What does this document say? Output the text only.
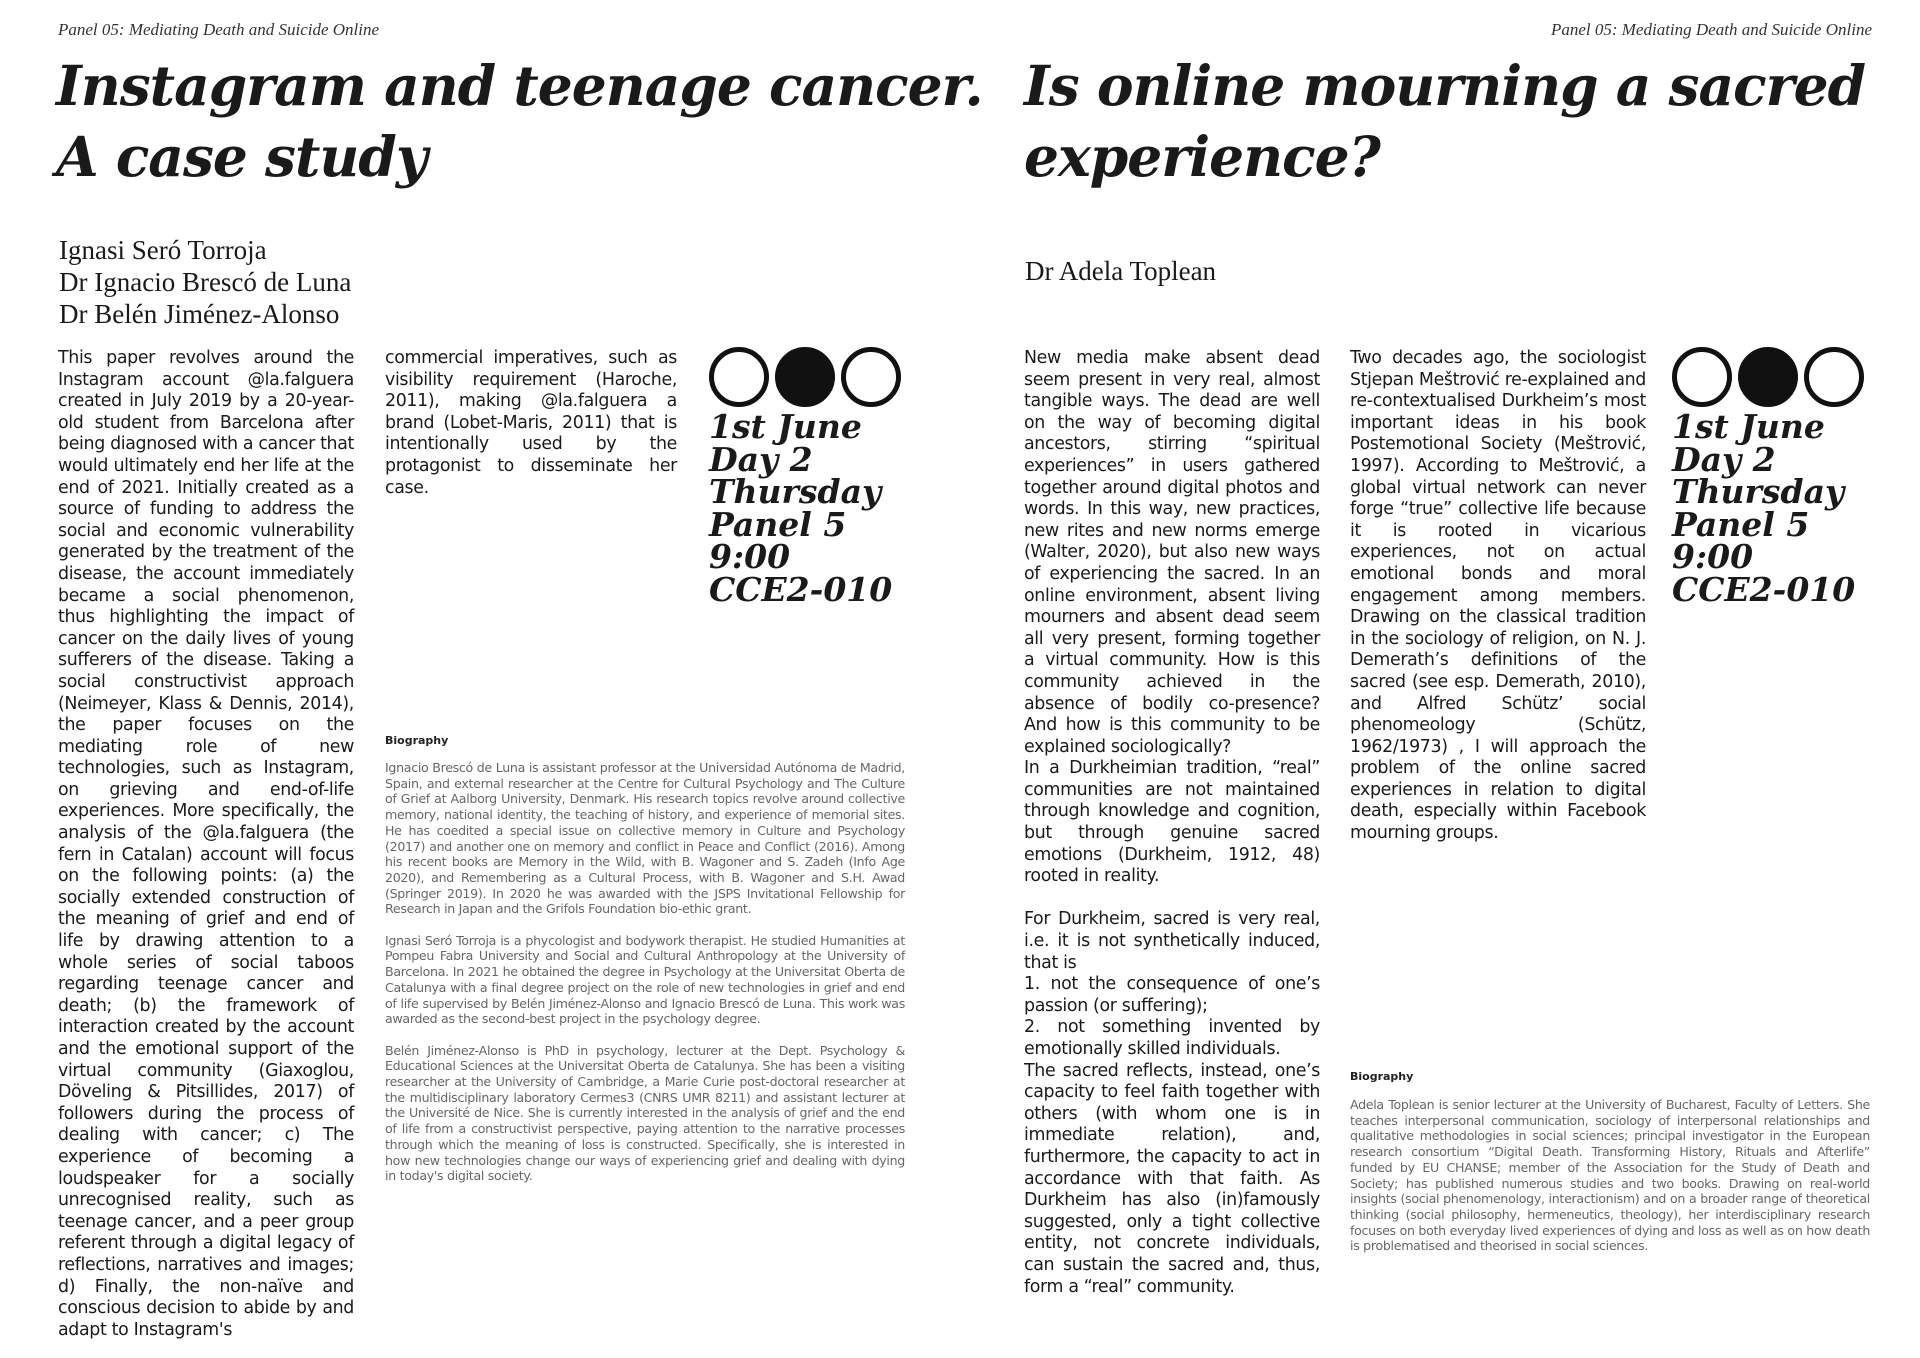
Panel 05: Mediating Death and Suicide Online
Instagram and teenage cancer.
A case study
Ignasi Seró Torroja
Dr Ignacio Brescó de Luna
Dr Belén Jiménez-Alonso

This paper revolves around the Instagram account @la.falguera created in July 2019 by a 20-year-old student from Barcelona after being diagnosed with a cancer that would ultimately end her life at the end of 2021. Initially created as a source of funding to address the social and economic vulnerability generated by the treatment of the disease, the account immediately became a social phenomenon, thus highlighting the impact of cancer on the daily lives of young sufferers of the disease. Taking a social constructivist approach (Neimeyer, Klass & Dennis, 2014), the paper focuses on the mediating role of new technologies, such as Instagram, on grieving and end-of-life experiences. More specifically, the analysis of the @la.falguera (the fern in Catalan) account will focus on the following points: (a) the socially extended construction of the meaning of grief and end of life by drawing attention to a whole series of social taboos regarding teenage cancer and death; (b) the framework of interaction created by the account and the emotional support of the virtual community (Giaxoglou, Döveling & Pitsillides, 2017) of followers during the process of dealing with cancer; c) The experience of becoming a loudspeaker for a socially unrecognised reality, such as teenage cancer, and a peer group referent through a digital legacy of reflections, narratives and images; d) Finally, the non-naïve and conscious decision to abide by and adapt to Instagram's

commercial imperatives, such as visibility requirement (Haroche, 2011), making @la.falguera a brand (Lobet-Maris, 2011) that is intentionally used by the protagonist to disseminate her case.

1st June
Day 2
Thursday
Panel 5
9:00
CCE2-010
Biography

Ignacio Brescó de Luna is assistant professor at the Universidad Autónoma de Madrid, Spain, and external researcher at the Centre for Cultural Psychology and The Culture of Grief at Aalborg University, Denmark. His research topics revolve around collective memory, national identity, the teaching of history, and experience of memorial sites. He has coedited a special issue on collective memory in Culture and Psychology (2017) and another one on memory and conflict in Peace and Conflict (2016). Among his recent books are Memory in the Wild, with B. Wagoner and S. Zadeh (Info Age 2020), and Remembering as a Cultural Process, with B. Wagoner and S.H. Awad (Springer 2019). In 2020 he was awarded with the JSPS Invitational Fellowship for Research in Japan and the Grifols Foundation bio-ethic grant.

Ignasi Seró Torroja is a phycologist and bodywork therapist. He studied Humanities at Pompeu Fabra University and Social and Cultural Anthropology at the University of Barcelona. In 2021 he obtained the degree in Psychology at the Universitat Oberta de Catalunya with a final degree project on the role of new technologies in grief and end of life supervised by Belén Jiménez-Alonso and Ignacio Brescó de Luna. This work was awarded as the second-best project in the psychology degree.

Belén Jiménez-Alonso is PhD in psychology, lecturer at the Dept. Psychology & Educational Sciences at the Universitat Oberta de Catalunya. She has been a visiting researcher at the University of Cambridge, a Marie Curie post-doctoral researcher at the multidisciplinary laboratory Cermes3 (CNRS UMR 8211) and assistant lecturer at the Université de Nice. She is currently interested in the analysis of grief and the end of life from a constructivist perspective, paying attention to the narrative processes through which the meaning of loss is constructed. Specifically, she is interested in how new technologies change our ways of experiencing grief and dealing with dying in today's digital society.

Panel 05: Mediating Death and Suicide Online
Is online mourning a sacred
experience?
Dr Adela Toplean

New media make absent dead seem present in very real, almost tangible ways. The dead are well on the way of becoming digital ancestors, stirring “spiritual experiences” in users gathered together around digital photos and words. In this way, new practices, new rites and new norms emerge (Walter, 2020), but also new ways of experiencing the sacred. In an online environment, absent living mourners and absent dead seem all very present, forming together a virtual community. How is this community achieved in the absence of bodily co-presence? And how is this community to be explained sociologically?

In a Durkheimian tradition, “real” communities are not maintained through knowledge and cognition, but through genuine sacred emotions (Durkheim, 1912, 48) rooted in reality.

For Durkheim, sacred is very real, i.e. it is not synthetically induced, that is

1. not the consequence of one’s passion (or suffering);

2. not something invented by emotionally skilled individuals.

The sacred reflects, instead, one’s capacity to feel faith together with others (with whom one is in immediate relation), and, furthermore, the capacity to act in accordance with that faith. As Durkheim has also (in)famously suggested, only a tight collective entity, not concrete individuals, can sustain the sacred and, thus, form a “real” community.

Two decades ago, the sociologist Stjepan Meštrović re-explained and re-contextualised Durkheim’s most important ideas in his book Postemotional Society (Meštrović, 1997). According to Meštrović, a global virtual network can never forge “true” collective life because it is rooted in vicarious experiences, not on actual emotional bonds and moral engagement among members. Drawing on the classical tradition in the sociology of religion, on N. J. Demerath’s definitions of the sacred (see esp. Demerath, 2010), and Alfred Schütz’ social phenomeology (Schütz, 1962/1973) , I will approach the problem of the online sacred experiences in relation to digital death, especially within Facebook mourning groups.

1st June
Day 2
Thursday
Panel 5
9:00
CCE2-010
Biography

Adela Toplean is senior lecturer at the University of Bucharest, Faculty of Letters. She teaches interpersonal communication, sociology of interpersonal relationships and qualitative methodologies in social sciences; principal investigator in the European research consortium “Digital Death. Transforming History, Rituals and Afterlife” funded by EU CHANSE; member of the Association for the Study of Death and Society; has published numerous studies and two books. Drawing on real-world insights (social phenomenology, interactionism) and on a broader range of theoretical thinking (social philosophy, hermeneutics, theology), her interdisciplinary research focuses on both everyday lived experiences of dying and loss as well as on how death is problematised and theorised in social sciences.
